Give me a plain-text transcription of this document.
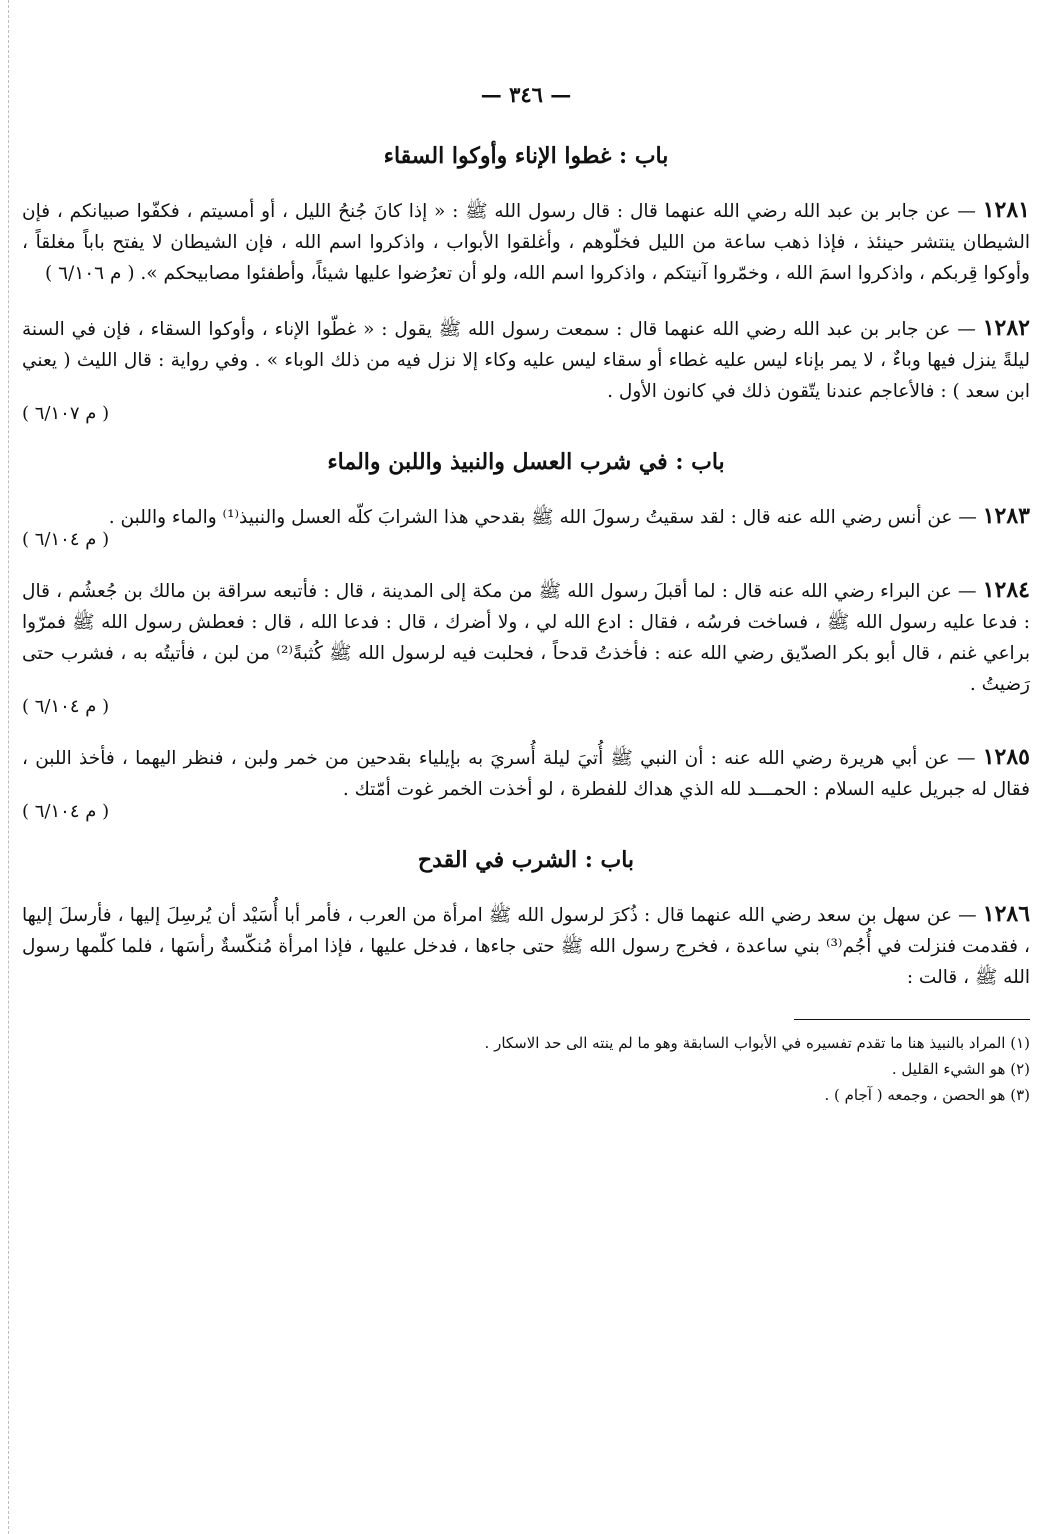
— ٣٤٦ —
باب : غطوا الإناء وأوكوا السقاء
١٢٨١ — عن جابر بن عبد الله رضي الله عنهما قال : قال رسول الله ﷺ : « إذا كانَ جُنحُ الليل ، أو أمسيتم ، فكفّوا صبيانكم ، فإن الشيطان ينتشر حينئذ ، فإذا ذهب ساعة من الليل فخلّوهم ، وأغلقوا الأبواب ، واذكروا اسم الله ، فإن الشيطان لا يفتح باباً مغلقاً ، وأوكوا قِربكم ، واذكروا اسمَ الله ، وخمّروا آنيتكم ، واذكروا اسم الله، ولو أن تعرُضوا عليها شيئاً، وأطفئوا مصابيحكم ». ( م ٦/١٠٦ )
١٢٨٢ — عن جابر بن عبد الله رضي الله عنهما قال : سمعت رسول الله ﷺ يقول : « غطّوا الإناء ، وأوكوا السقاء ، فإن في السنة ليلةً ينزل فيها وباءٌ ، لا يمر بإناء ليس عليه غطاء أو سقاء ليس عليه وكاء إلا نزل فيه من ذلك الوباء » . وفي رواية : قال الليث ( يعني ابن سعد ) : فالأعاجم عندنا يتّقون ذلك في كانون الأول .
( م ٦/١٠٧ )
باب : في شرب العسل والنبيذ واللبن والماء
١٢٨٣ — عن أنس رضي الله عنه قال : لقد سقيتُ رسولَ الله ﷺ بقدحي هذا الشرابَ كلّه العسل والنبيذ⁽¹⁾ والماء واللبن .
( م ٦/١٠٤ )
١٢٨٤ — عن البراء رضي الله عنه قال : لما أقبلَ رسول الله ﷺ من مكة إلى المدينة ، قال : فأتبعه سراقة بن مالك بن جُعشُم ، قال : فدعا عليه رسول الله ﷺ ، فساخت فرسُه ، فقال : ادع الله لي ، ولا أضرك ، قال : فدعا الله ، قال : فعطش رسول الله ﷺ فمرّوا براعي غنم ، قال أبو بكر الصدّيق رضي الله عنه : فأخذتُ قدحاً ، فحلبت فيه لرسول الله ﷺ كُثبةً⁽²⁾ من لبن ، فأتيتُه به ، فشرب حتى رَضيتُ .
( م ٦/١٠٤ )
١٢٨٥ — عن أبي هريرة رضي الله عنه : أن النبي ﷺ أُتيَ ليلة أُسريَ به بإيلياء بقدحين من خمر ولبن ، فنظر اليهما ، فأخذ اللبن ، فقال له جبريل عليه السلام : الحمـــد لله الذي هداك للفطرة ، لو أخذت الخمر غوت أمّتك .
( م ٦/١٠٤ )
باب : الشرب في القدح
١٢٨٦ — عن سهل بن سعد رضي الله عنهما قال : ذُكرَ لرسول الله ﷺ امرأة من العرب ، فأمر أبا أُسَيْد أن يُرسِلَ إليها ، فأرسلَ إليها ، فقدمت فنزلت في أُجُم⁽³⁾ بني ساعدة ، فخرج رسول الله ﷺ حتى جاءها ، فدخل عليها ، فإذا امرأة مُنكّسةٌ رأسَها ، فلما كلّمها رسول الله ﷺ ، قالت :
(١) المراد بالنبيذ هنا ما تقدم تفسيره في الأبواب السابقة وهو ما لم ينته الى حد الاسكار .
(٢) هو الشيء القليل .
(٣) هو الحصن ، وجمعه ( آجام ) .
